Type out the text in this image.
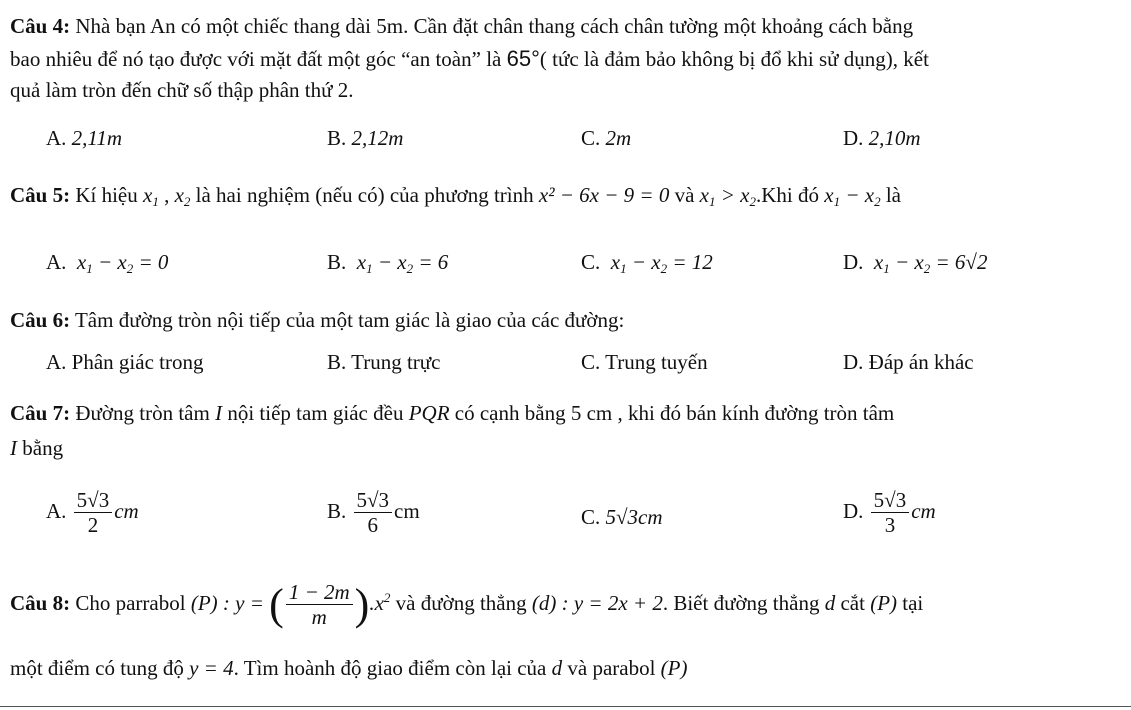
Câu 4: Nhà bạn An có một chiếc thang dài 5m. Cần đặt chân thang cách chân tường một khoảng cách bằng
bao nhiêu để nó tạo được với mặt đất một góc “an toàn” là 65°( tức là đảm bảo không bị đổ khi sử dụng), kết
quả làm tròn đến chữ số thập phân thứ 2.
A. 2,11m	B. 2,12m	C. 2m	D. 2,10m
Câu 5: Kí hiệu $x_1$ , $x_2$ là hai nghiệm (nếu có) của phương trình x² − 6x − 9 = 0 và $x_1 > x_2.Khi$ đó $x_1 - x_2$ là
A.  $x_1 - x_2 = 0$	B.  $x_1 - x_2 = 6$	C.  $x_1 - x_2 = 12$	D.  $x_1 - x_2 = 6√2$
Câu 6: Tâm đường tròn nội tiếp của một tam giác là giao của các đường:
A. Phân giác trong	B. Trung trực	C. Trung tuyến	D. Đáp án khác
Câu 7: Đường tròn tâm I nội tiếp tam giác đều PQR có cạnh bằng 5 cm , khi đó bán kính đường tròn tâm
I bằng
A. $\frac{5√3}{2}$ cm	B. $\frac{5√3}{6}$ cm	C. 5√3cm	D. $\frac{5√3}{3}$ cm
Câu 8: Cho parrabol (P) : y = ( $\frac{1 - 2m}{m} ).x^2$ và đường thẳng (d) : y = 2x + 2. Biết đường thẳng d cắt (P) tại
một điểm có tung độ y = 4. Tìm hoành độ giao điểm còn lại của d và parabol (P)
